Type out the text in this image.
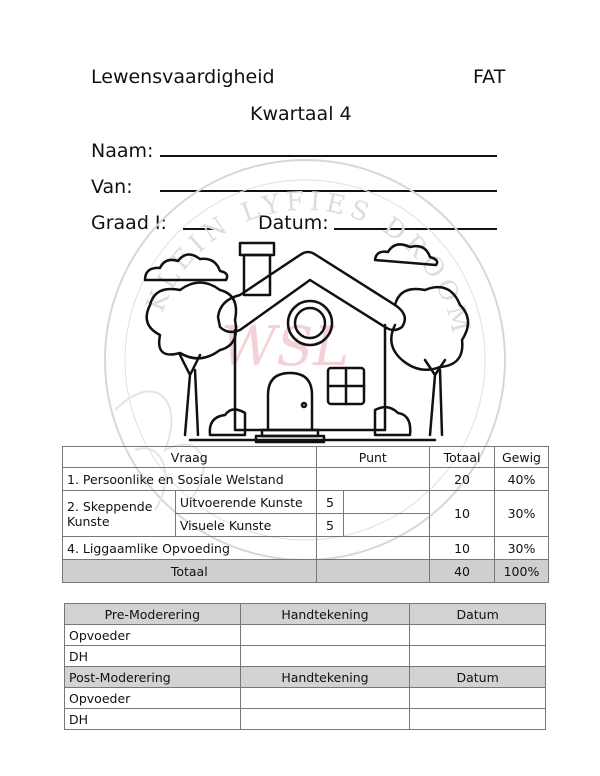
Lewensvaardigheid	FAT
Kwartaal 4
Naam:
Van:
Graad I:	Datum:
KLEIN LYFIES DROOM
WSL
Vraag		Punt		Totaal	Gewig
1. Persoonlike en Sosiale Welstand				20	40%
2. Skeppende Kunste	Uitvoerende Kunste	5		10	30%
	Visuele Kunste	5			
4. Liggaamlike Opvoeding				10	30%
Totaal				40	100%
Pre-Moderering	Handtekening	Datum
Opvoeder		
DH		
Post-Moderering	Handtekening	Datum
Opvoeder		
DH		
